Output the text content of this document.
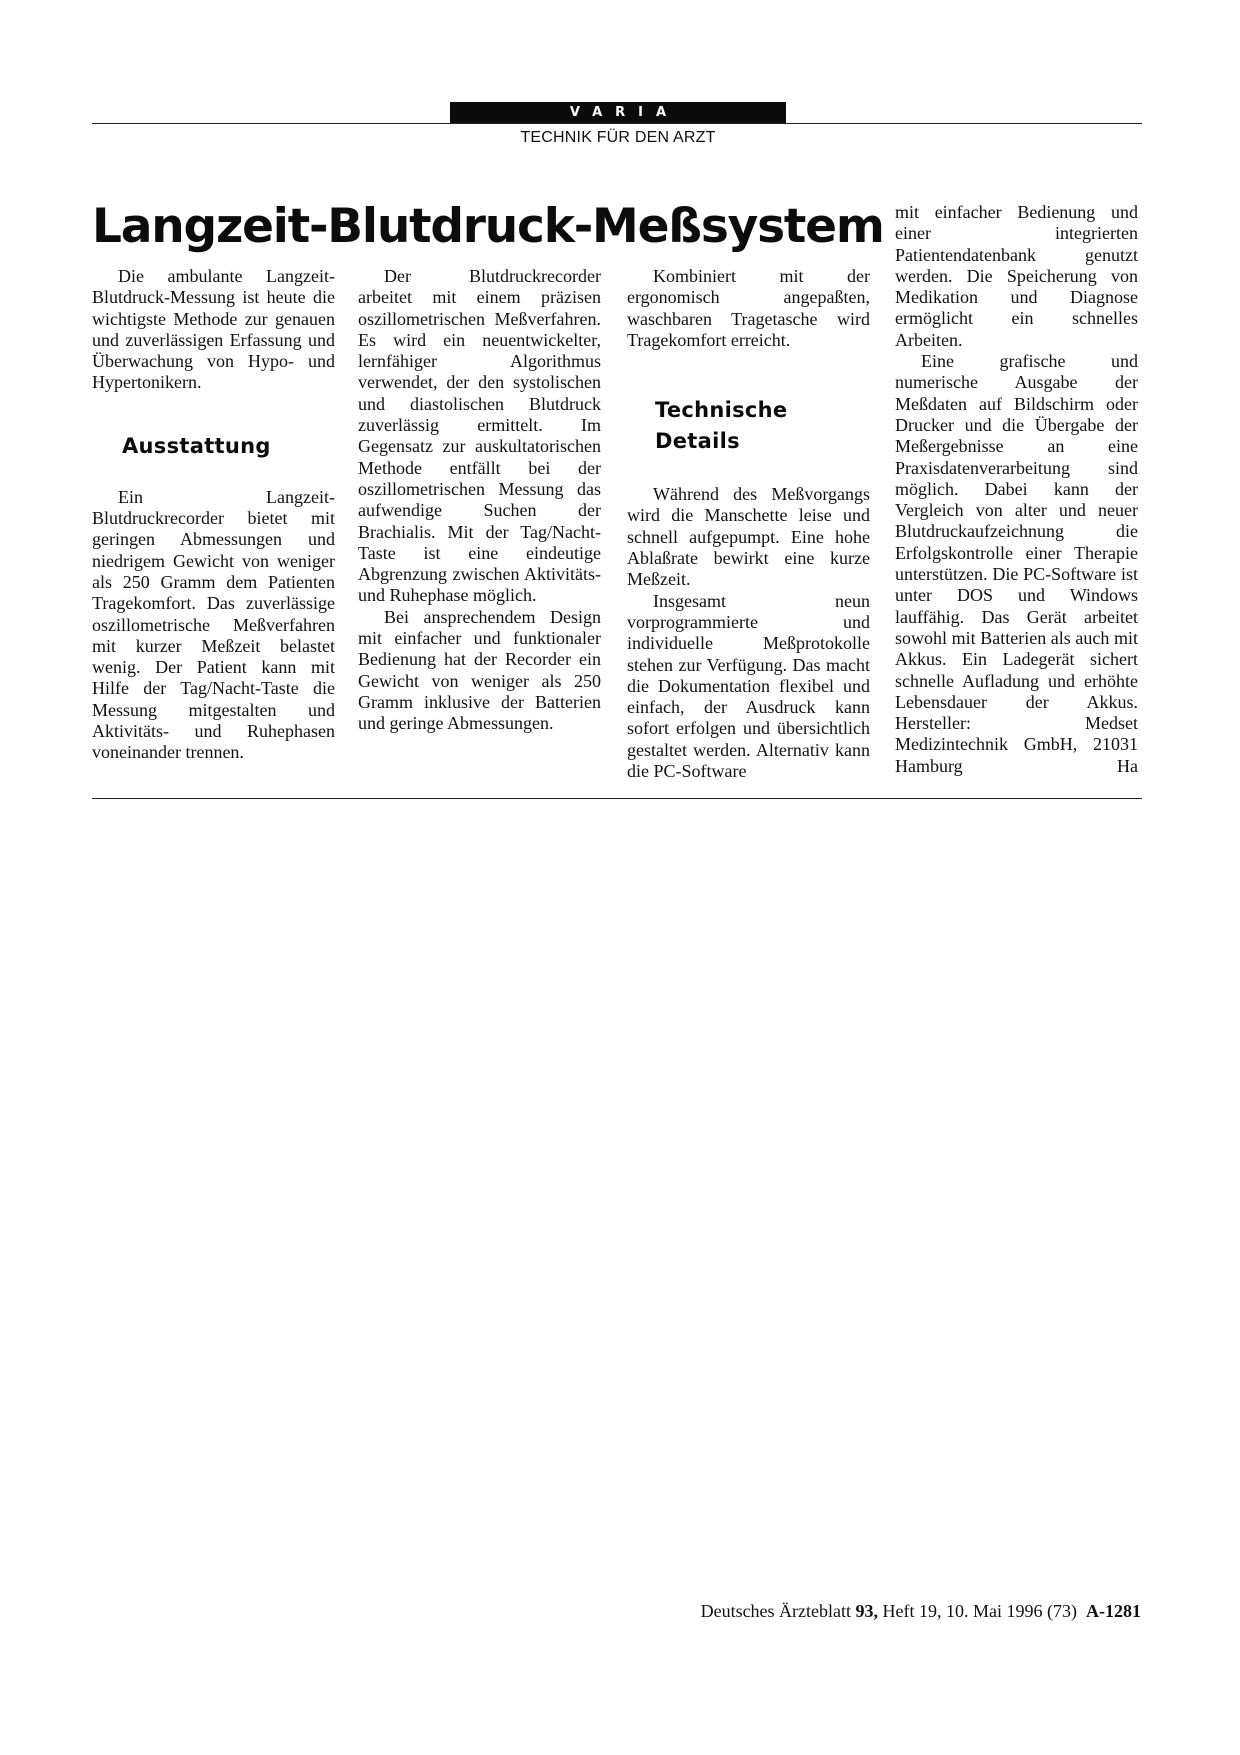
VARIA
TECHNIK FÜR DEN ARZT
Langzeit-Blutdruck-Meßsystem

Die ambulante Langzeit-Blutdruck-Messung ist heute die wichtigste Methode zur genauen und zuverlässigen Erfassung und Überwachung von Hypo- und Hypertonikern.

Ausstattung

Ein Langzeit-Blutdruckrecorder bietet mit geringen Abmessungen und niedrigem Gewicht von weniger als 250 Gramm dem Patienten Tragekomfort. Das zuverlässige oszillometrische Meßverfahren mit kurzer Meßzeit belastet wenig. Der Patient kann mit Hilfe der Tag/Nacht-Taste die Messung mitgestalten und Aktivitäts- und Ruhephasen voneinander trennen.

Der Blutdruckrecorder arbeitet mit einem präzisen oszillometrischen Meßverfahren. Es wird ein neuentwickelter, lernfähiger Algorithmus verwendet, der den systolischen und diastolischen Blutdruck zuverlässig ermittelt. Im Gegensatz zur auskultatorischen Methode entfällt bei der oszillometrischen Messung das aufwendige Suchen der Brachialis. Mit der Tag/Nacht-Taste ist eine eindeutige Abgrenzung zwischen Aktivitäts- und Ruhephase möglich.

Bei ansprechendem Design mit einfacher und funktionaler Bedienung hat der Recorder ein Gewicht von weniger als 250 Gramm inklusive der Batterien und geringe Abmessungen.

Kombiniert mit der ergonomisch angepaßten, waschbaren Tragetasche wird Tragekomfort erreicht.

Technische Details

Während des Meßvorgangs wird die Manschette leise und schnell aufgepumpt. Eine hohe Ablaßrate bewirkt eine kurze Meßzeit.

Insgesamt neun vorprogrammierte und individuelle Meßprotokolle stehen zur Verfügung. Das macht die Dokumentation flexibel und einfach, der Ausdruck kann sofort erfolgen und übersichtlich gestaltet werden. Alternativ kann die PC-Software

mit einfacher Bedienung und einer integrierten Patientendatenbank genutzt werden. Die Speicherung von Medikation und Diagnose ermöglicht ein schnelles Arbeiten.

Eine grafische und numerische Ausgabe der Meßdaten auf Bildschirm oder Drucker und die Übergabe der Meßergebnisse an eine Praxisdatenverarbeitung sind möglich. Dabei kann der Vergleich von alter und neuer Blutdruckaufzeichnung die Erfolgskontrolle einer Therapie unterstützen. Die PC-Software ist unter DOS und Windows lauffähig. Das Gerät arbeitet sowohl mit Batterien als auch mit Akkus. Ein Ladegerät sichert schnelle Aufladung und erhöhte Lebensdauer der Akkus. Hersteller: Medset Medizintechnik GmbH, 21031 Hamburg	Ha

Deutsches Ärzteblatt 93, Heft 19, 10. Mai 1996 (73) A-1281
